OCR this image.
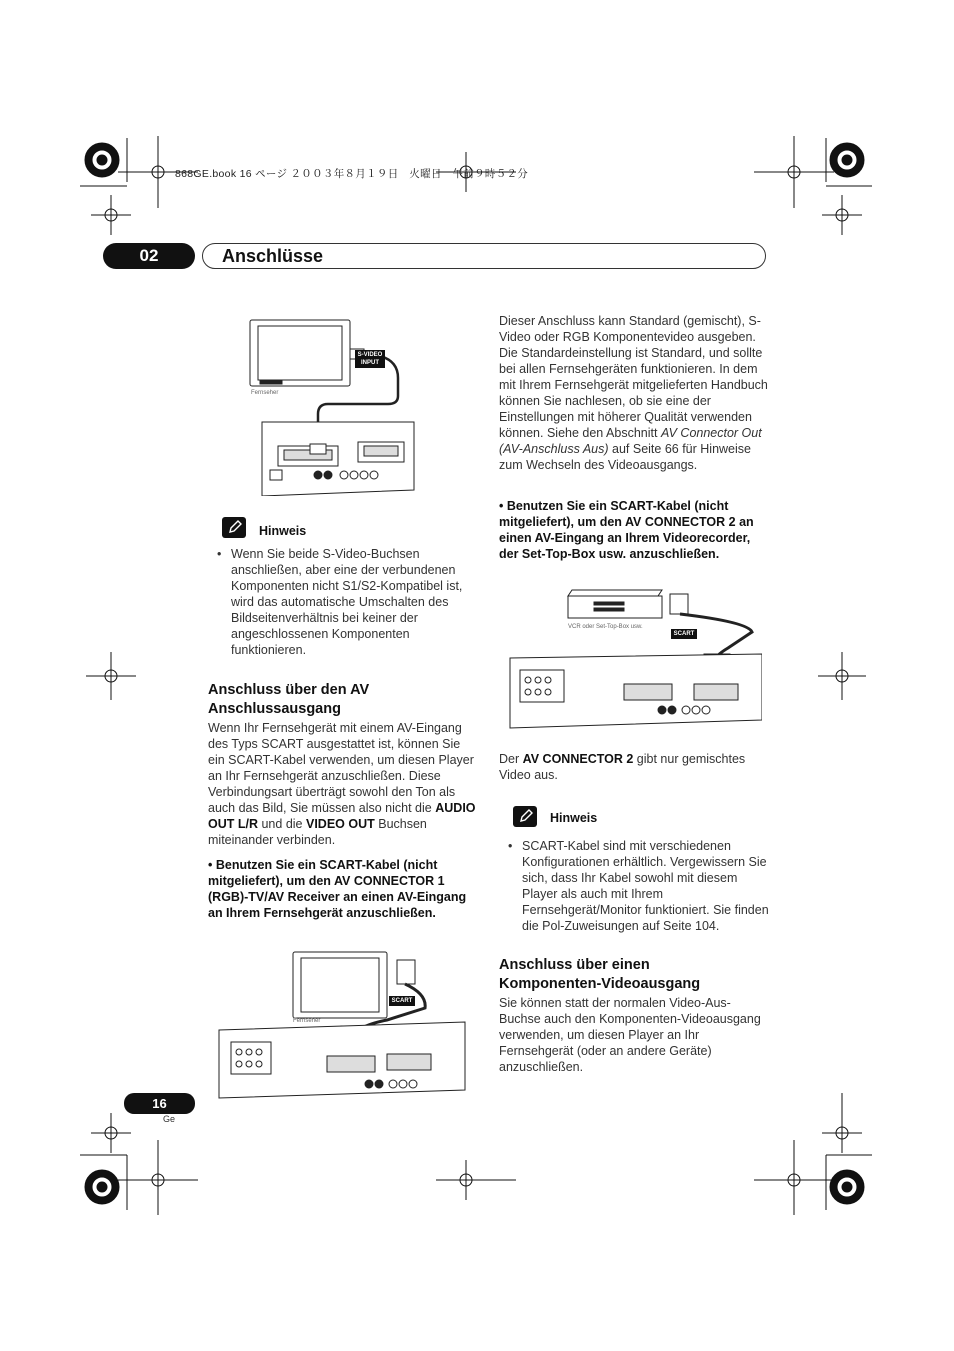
868GE.book 16 ページ ２００３年８月１９日　火曜日　午前９時５２分
02	Anschlüsse
Fernseher
S-VIDEO
INPUT
Hinweis
• Wenn Sie beide S-Video-Buchsen anschließen, aber eine der verbundenen Komponenten nicht S1/S2-Kompatibel ist, wird das automatische Umschalten des Bildseitenverhältnis bei keiner der angeschlossenen Komponenten funktionieren.
Anschluss über den AV
Anschlussausgang
Wenn Ihr Fernsehgerät mit einem AV-Eingang des Typs SCART ausgestattet ist, können Sie ein SCART-Kabel verwenden, um diesen Player an Ihr Fernsehgerät anzuschließen. Diese Verbindungsart überträgt sowohl den Ton als auch das Bild, Sie müssen also nicht die AUDIO OUT L/R und die VIDEO OUT Buchsen miteinander verbinden.
• Benutzen Sie ein SCART-Kabel (nicht mitgeliefert), um den AV CONNECTOR 1 (RGB)-TV/AV Receiver an einen AV-Eingang an Ihrem Fernsehgerät anzuschließen.
Fernseher
SCART
Dieser Anschluss kann Standard (gemischt), S-Video oder RGB Komponentevideo ausgeben. Die Standardeinstellung ist Standard, und sollte bei allen Fernsehgeräten funktionieren. In dem mit Ihrem Fernsehgerät mitgelieferten Handbuch können Sie nachlesen, ob sie eine der Einstellungen mit höherer Qualität verwenden können. Siehe den Abschnitt AV Connector Out (AV-Anschluss Aus) auf Seite 66 für Hinweise zum Wechseln des Videoausgangs.
• Benutzen Sie ein SCART-Kabel (nicht mitgeliefert), um den AV CONNECTOR 2 an einen AV-Eingang an Ihrem Videorecorder, der Set-Top-Box usw. anzuschließen.
VCR oder Set-Top-Box usw.
SCART
Der AV CONNECTOR 2 gibt nur gemischtes Video aus.
Hinweis
• SCART-Kabel sind mit verschiedenen Konfigurationen erhältlich. Vergewissern Sie sich, dass Ihr Kabel sowohl mit diesem Player als auch mit Ihrem Fernsehgerät/Monitor funktioniert. Sie finden die Pol-Zuweisungen auf Seite 104.
Anschluss über einen
Komponenten-Videoausgang
Sie können statt der normalen Video-Aus-Buchse auch den Komponenten-Videoausgang verwenden, um diesen Player an Ihr Fernsehgerät (oder an andere Geräte) anzuschließen.
16
Ge
